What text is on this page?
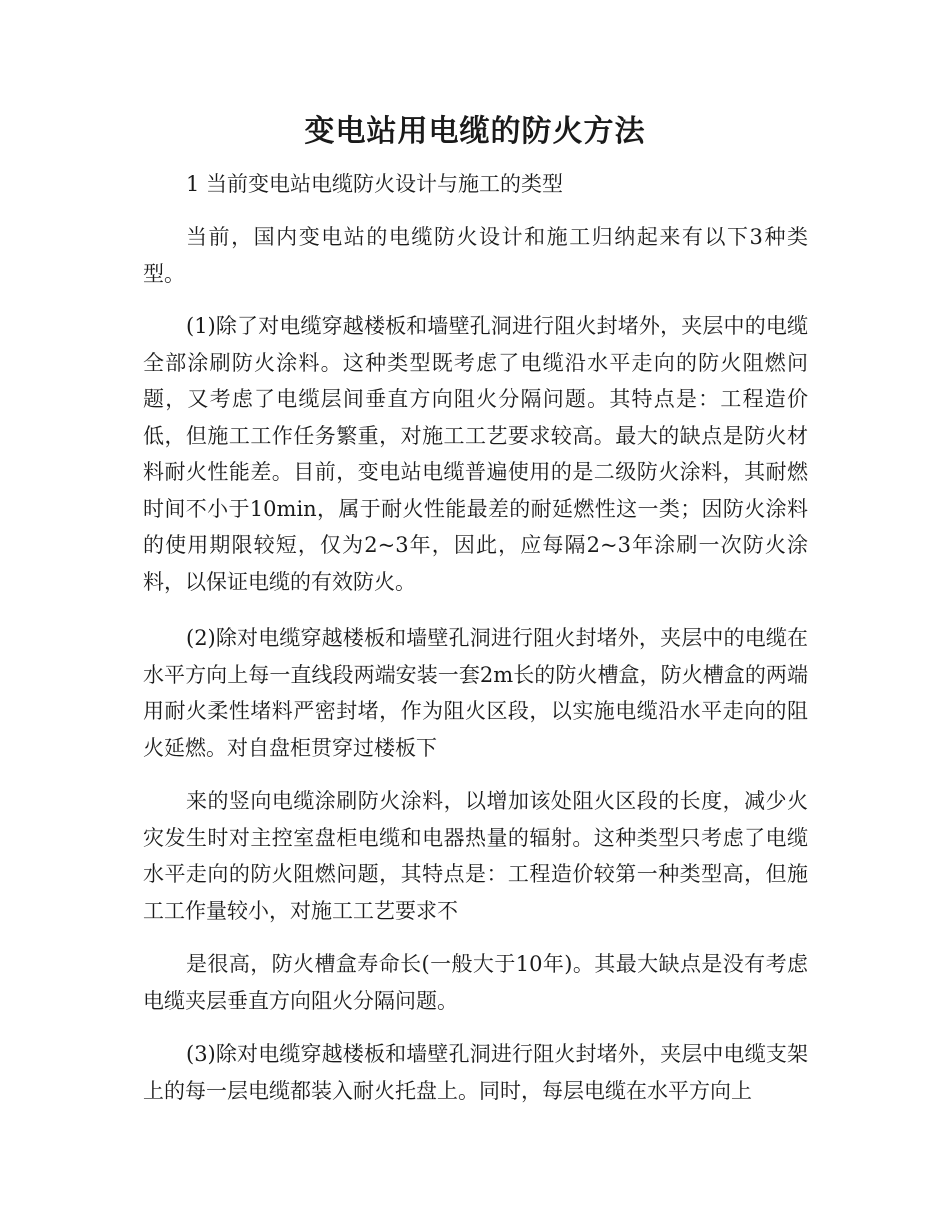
变电站用电缆的防火方法

1 当前变电站电缆防火设计与施工的类型

当前，国内变电站的电缆防火设计和施工归纳起来有以下3种类型。

(1)除了对电缆穿越楼板和墙壁孔洞进行阻火封堵外，夹层中的电缆全部涂刷防火涂料。这种类型既考虑了电缆沿水平走向的防火阻燃问题，又考虑了电缆层间垂直方向阻火分隔问题。其特点是：工程造价低，但施工工作任务繁重，对施工工艺要求较高。最大的缺点是防火材料耐火性能差。目前，变电站电缆普遍使用的是二级防火涂料，其耐燃时间不小于10min，属于耐火性能最差的耐延燃性这一类；因防火涂料的使用期限较短，仅为2~3年，因此，应每隔2~3年涂刷一次防火涂料，以保证电缆的有效防火。

(2)除对电缆穿越楼板和墙壁孔洞进行阻火封堵外，夹层中的电缆在水平方向上每一直线段两端安装一套2m长的防火槽盒，防火槽盒的两端用耐火柔性堵料严密封堵，作为阻火区段，以实施电缆沿水平走向的阻火延燃。对自盘柜贯穿过楼板下

来的竖向电缆涂刷防火涂料，以增加该处阻火区段的长度，减少火灾发生时对主控室盘柜电缆和电器热量的辐射。这种类型只考虑了电缆水平走向的防火阻燃问题，其特点是：工程造价较第一种类型高，但施工工作量较小，对施工工艺要求不

是很高，防火槽盒寿命长(一般大于10年)。其最大缺点是没有考虑电缆夹层垂直方向阻火分隔问题。

(3)除对电缆穿越楼板和墙壁孔洞进行阻火封堵外，夹层中电缆支架上的每一层电缆都装入耐火托盘上。同时，每层电缆在水平方向上
